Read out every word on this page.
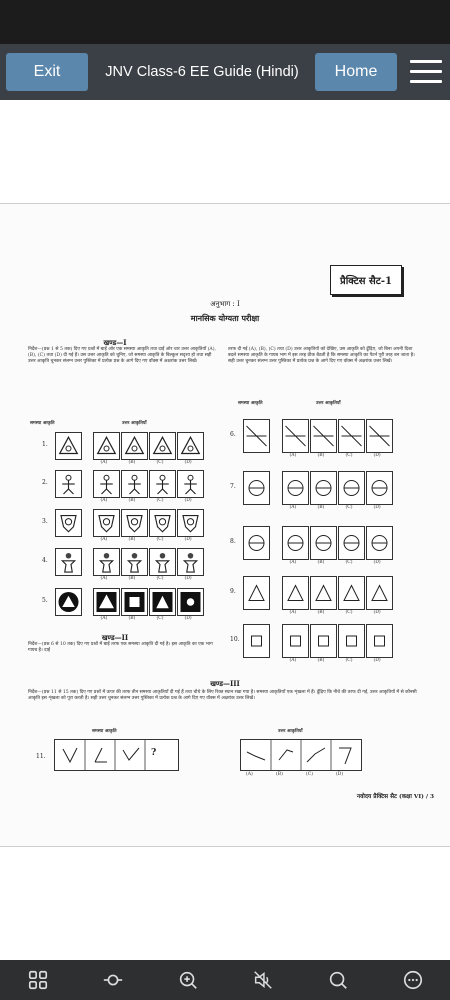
Exit	JNV Class-6 EE Guide (Hindi)	Home
प्रैक्टिस सैट-1
अनुभाग : I
मानसिक योग्यता परीक्षा
खण्ड—I
निर्देश—(प्रश्न 1 से 5 तक) दिए गए प्रश्नों में बाईं ओर एक समस्या आकृति तथा दाईं ओर चार उत्तर आकृतियाँ (A), (B), (C) तथा (D) दी गई हैं। उस उत्तर आकृति को चुनिए, जो समस्या आकृति के बिल्कुल सदृश्य हो तथा सही उत्तर आकृति चुनकर संलग्न उत्तर पुस्तिका में प्रत्येक प्रश्न के आगे दिए गए वॉक्स में अक्षरांक उत्तर लिखें।
तरफ दी गई (A), (B), (C) तथा (D) उत्तर आकृतियों को देखिए, उस आकृति को ढूँढ़िए, जो बिना अपनी दिशा बदले समस्या आकृति के गायब भाग में इस तरह ठीक बैठती है कि समस्या आकृति का पैटर्न पूरी तरह बन जाता है। सही उत्तर चुनकर संलग्न उत्तर पुस्तिका में प्रत्येक प्रश्न के आगे दिए गए वॉक्स में अक्षरांक उत्तर लिखें।
समस्या आकृति	उत्तर आकृतियाँ
समस्या आकृति	उत्तर आकृतियाँ
1.
(A)	(B)	(C)	(D)
2.
(A)	(B)	(C)	(D)
3.
(A)	(B)	(C)	(D)
4.
(A)	(B)	(C)	(D)
5.
(A)	(B)	(C)	(D)
खण्ड—II
निर्देश—(प्रश्न 6 से 10 तक) दिए गए प्रश्नों में बाईं तरफ एक समस्या आकृति दी गई है। इस आकृति का एक भाग गायब है। दाईं
6.
(A)	(B)	(C)	(D)
7.
(A)	(B)	(C)	(D)
8.
(A)	(B)	(C)	(D)
9.
(A)	(B)	(C)	(D)
10.
(A)	(B)	(C)	(D)
खण्ड—III
निर्देश—(प्रश्न 11 से 15 तक) दिए गए प्रश्नों में ऊपर की तरफ तीन समस्या आकृतियाँ दी गई हैं तथा चौथे के लिए रिक्त स्थान रखा गया है। समस्या आकृतियाँ एक शृंखला में हैं। ढूँढ़िए कि नीचे की तरफ दी गई, उत्तर आकृतियों में से कौनसी आकृति इस शृंखला को पूरा करती है। सही उत्तर चुनकर संलग्न उत्तर पुस्तिका में प्रत्येक प्रश्न के आगे दिए गए वॉक्स में अक्षरांक उत्तर लिखें।
समस्या आकृति	उत्तर आकृतियाँ
11.	?
(A)	(B)	(C)	(D)
नवोदय प्रैक्टिस सैट (कक्षा VI) / 3
